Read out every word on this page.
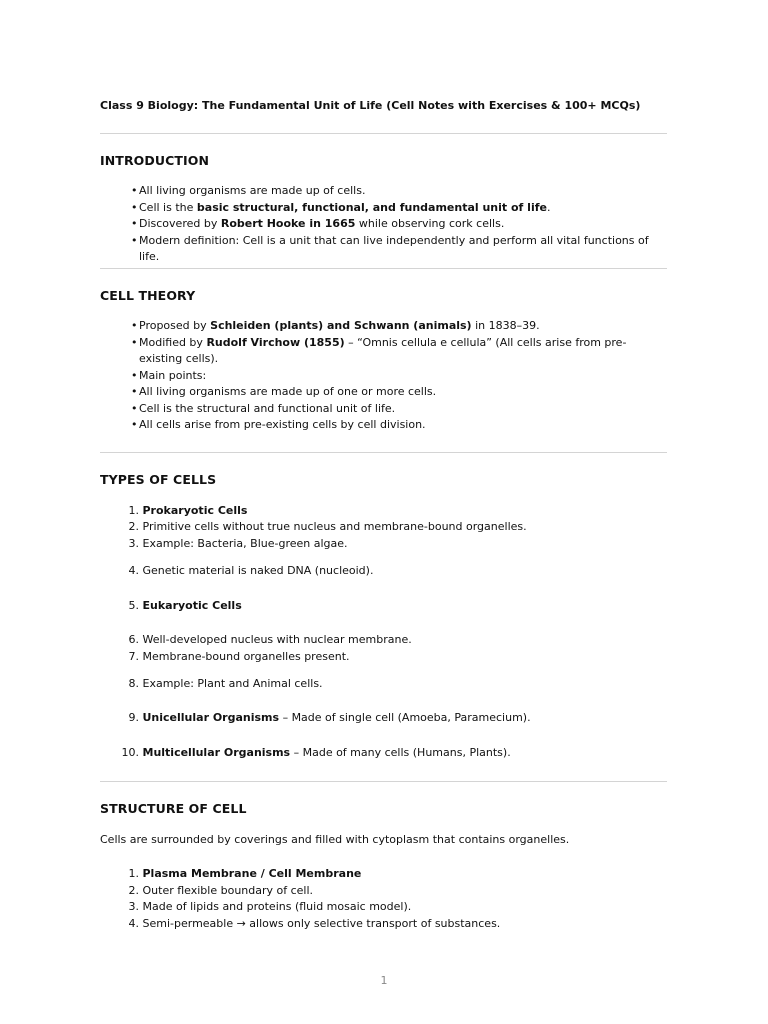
Class 9 Biology: The Fundamental Unit of Life (Cell Notes with Exercises & 100+ MCQs)
INTRODUCTION
• All living organisms are made up of cells.
• Cell is the basic structural, functional, and fundamental unit of life.
• Discovered by Robert Hooke in 1665 while observing cork cells.
• Modern definition: Cell is a unit that can live independently and perform all vital functions of life.
CELL THEORY
• Proposed by Schleiden (plants) and Schwann (animals) in 1838–39.
• Modified by Rudolf Virchow (1855) – “Omnis cellula e cellula” (All cells arise from pre-existing cells).
• Main points:
• All living organisms are made up of one or more cells.
• Cell is the structural and functional unit of life.
• All cells arise from pre-existing cells by cell division.
TYPES OF CELLS
1. Prokaryotic Cells
2. Primitive cells without true nucleus and membrane-bound organelles.
3. Example: Bacteria, Blue-green algae.
4. Genetic material is naked DNA (nucleoid).
5. Eukaryotic Cells
6. Well-developed nucleus with nuclear membrane.
7. Membrane-bound organelles present.
8. Example: Plant and Animal cells.
9. Unicellular Organisms – Made of single cell (Amoeba, Paramecium).
10. Multicellular Organisms – Made of many cells (Humans, Plants).
STRUCTURE OF CELL
Cells are surrounded by coverings and filled with cytoplasm that contains organelles.
1. Plasma Membrane / Cell Membrane
2. Outer flexible boundary of cell.
3. Made of lipids and proteins (fluid mosaic model).
4. Semi-permeable → allows only selective transport of substances.
1
